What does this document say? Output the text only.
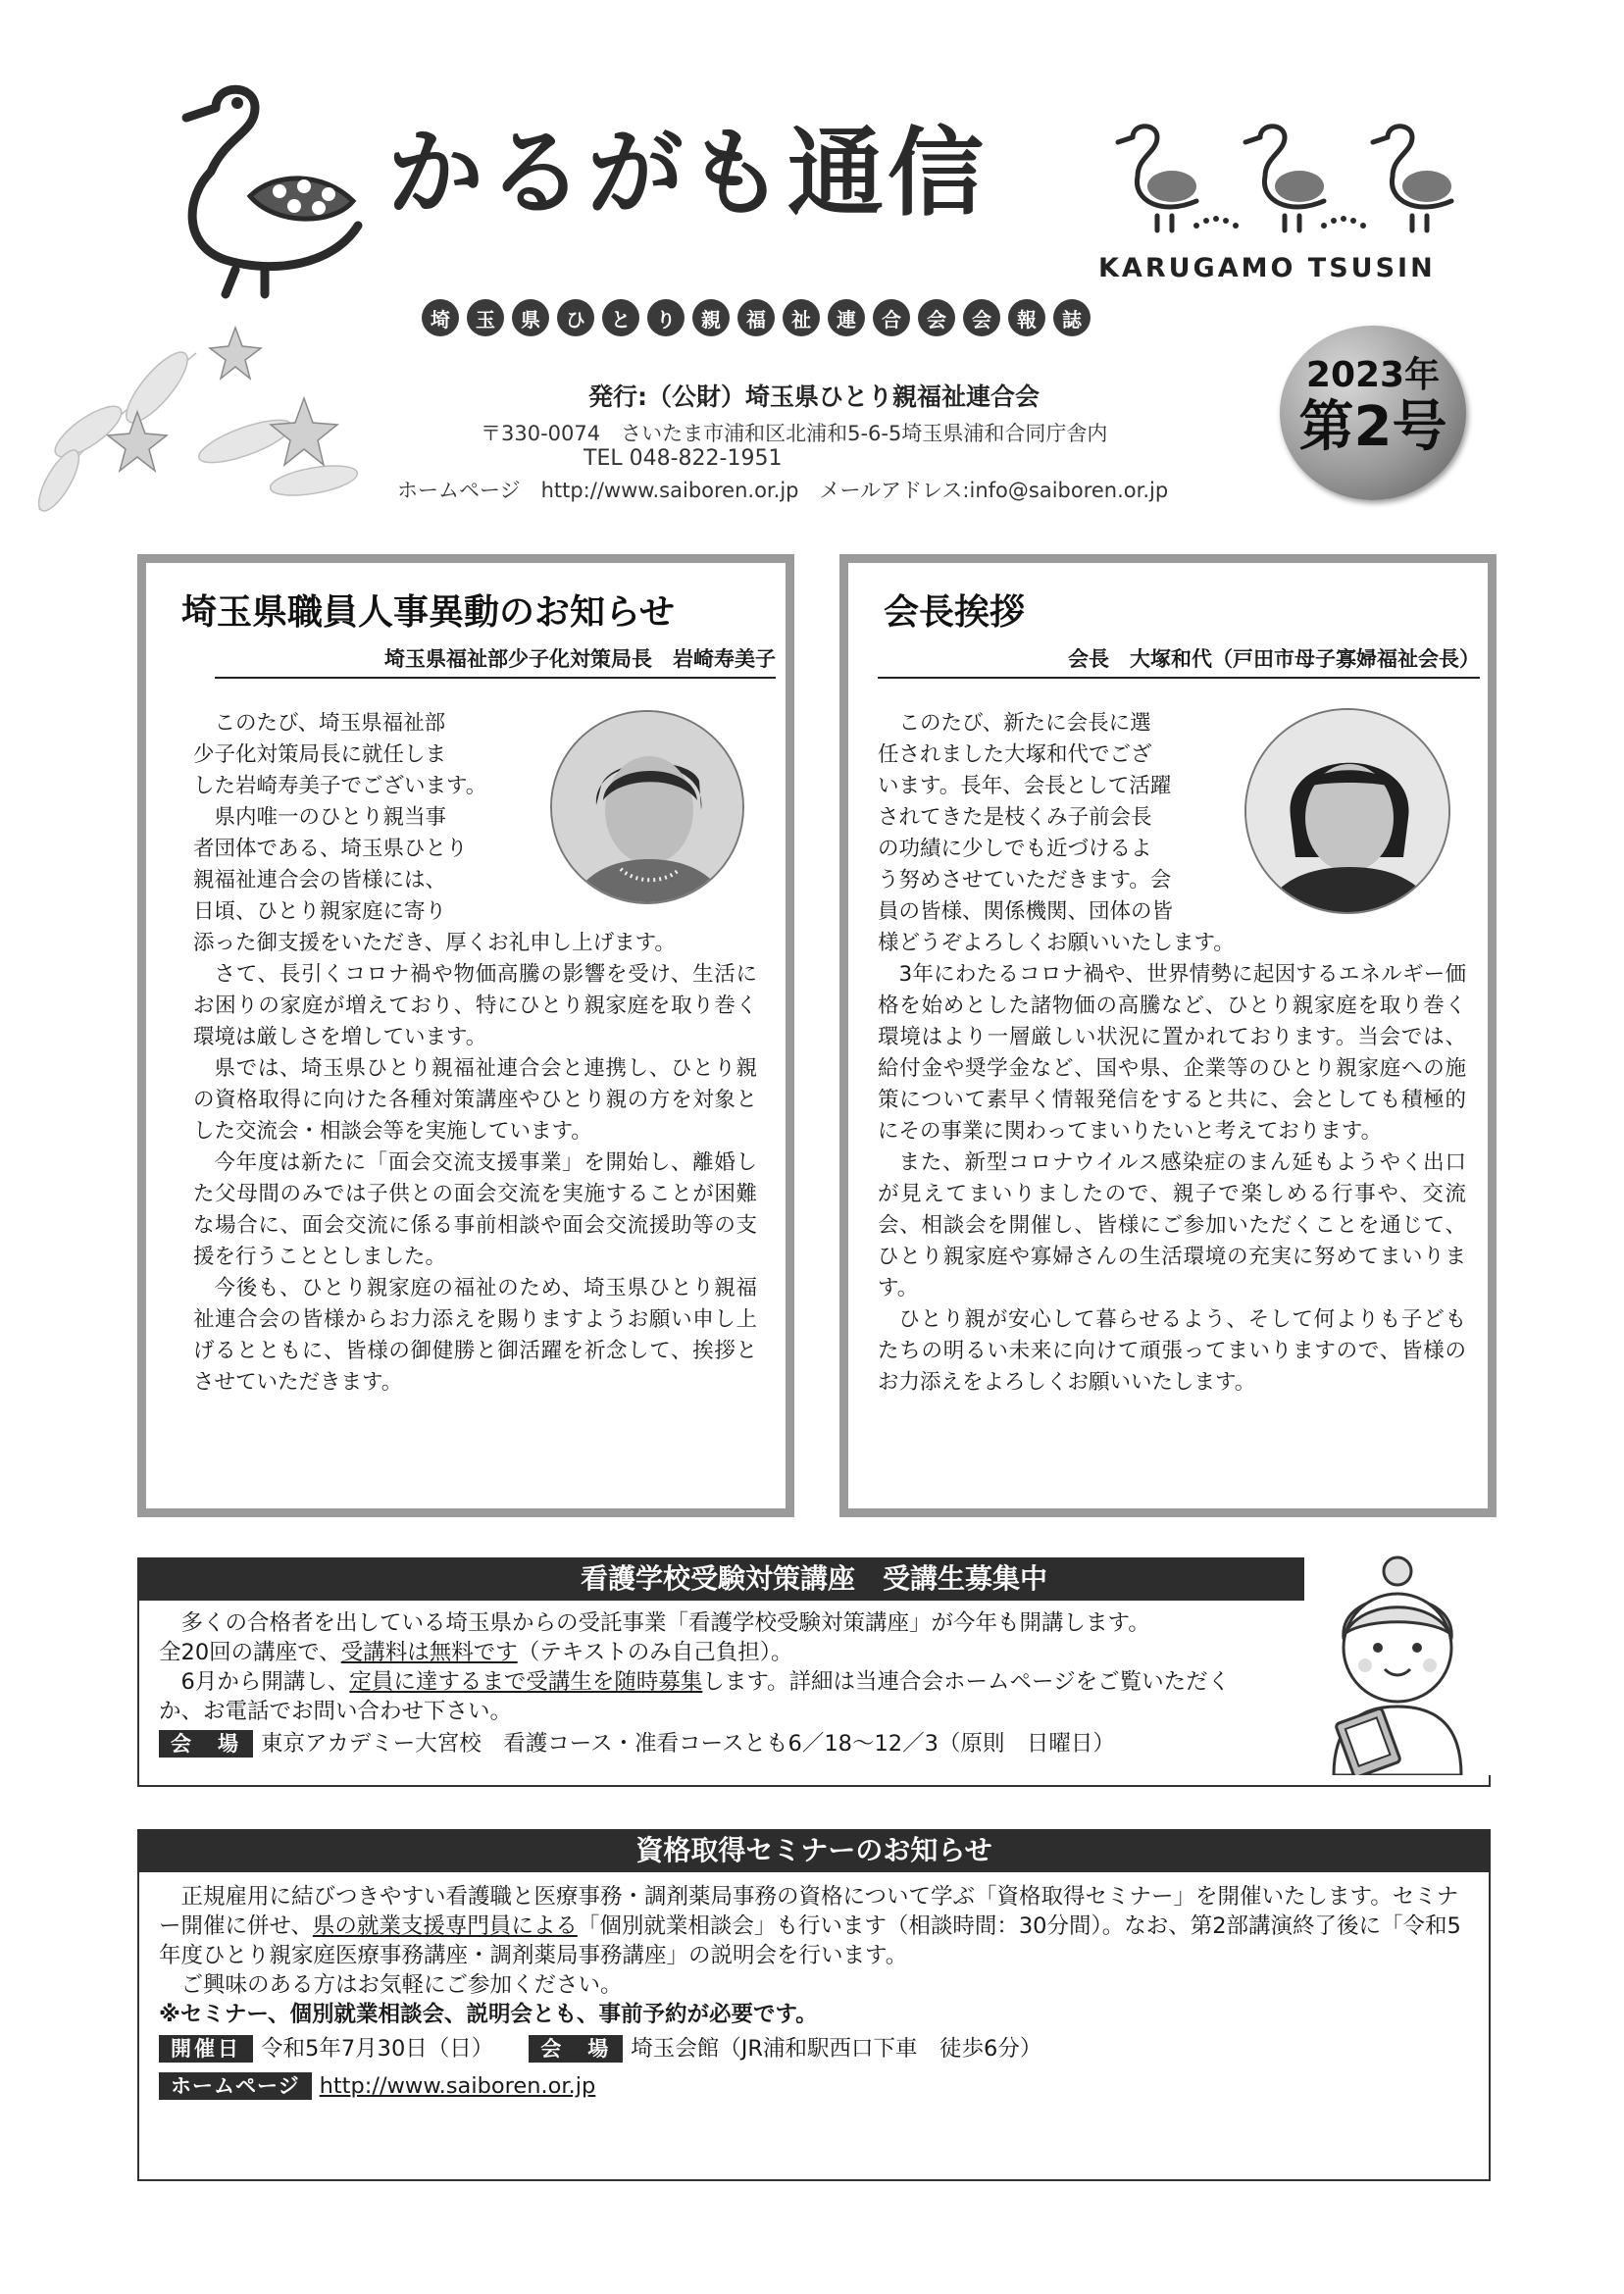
かるがも通信
KARUGAMO TSUSIN
埼	玉	県	ひ	と	り	親	福	祉	連	合	会	会	報	誌
2023年
第2号
発行:（公財）埼玉県ひとり親福祉連合会
〒330-0074　さいたま市浦和区北浦和5-6-5埼玉県浦和合同庁舎内
TEL 048-822-1951
ホームページ　http://www.saiboren.or.jp　メールアドレス:info@saiboren.or.jp
埼玉県職員人事異動のお知らせ
埼玉県福祉部少子化対策局長　岩崎寿美子
このたび、埼玉県福祉部
少子化対策局長に就任しま
した岩崎寿美子でございます。
県内唯一のひとり親当事
者団体である、埼玉県ひとり
親福祉連合会の皆様には、
日頃、ひとり親家庭に寄り

添った御支援をいただき、厚くお礼申し上げます。

さて、長引くコロナ禍や物価高騰の影響を受け、生活にお困りの家庭が増えており、特にひとり親家庭を取り巻く環境は厳しさを増しています。

県では、埼玉県ひとり親福祉連合会と連携し、ひとり親の資格取得に向けた各種対策講座やひとり親の方を対象とした交流会・相談会等を実施しています。

今年度は新たに「面会交流支援事業」を開始し、離婚した父母間のみでは子供との面会交流を実施することが困難な場合に、面会交流に係る事前相談や面会交流援助等の支援を行うこととしました。

今後も、ひとり親家庭の福祉のため、埼玉県ひとり親福祉連合会の皆様からお力添えを賜りますようお願い申し上げるとともに、皆様の御健勝と御活躍を祈念して、挨拶とさせていただきます。

会長挨拶
会長　大塚和代（戸田市母子寡婦福祉会長）
このたび、新たに会長に選
任されました大塚和代でござ
います。長年、会長として活躍
されてきた是枝くみ子前会長
の功績に少しでも近づけるよ
う努めさせていただきます。会
員の皆様、関係機関、団体の皆

様どうぞよろしくお願いいたします。

3年にわたるコロナ禍や、世界情勢に起因するエネルギー価格を始めとした諸物価の高騰など、ひとり親家庭を取り巻く環境はより一層厳しい状況に置かれております。当会では、給付金や奨学金など、国や県、企業等のひとり親家庭への施策について素早く情報発信をすると共に、会としても積極的にその事業に関わってまいりたいと考えております。

また、新型コロナウイルス感染症のまん延もようやく出口が見えてまいりましたので、親子で楽しめる行事や、交流会、相談会を開催し、皆様にご参加いただくことを通じて、ひとり親家庭や寡婦さんの生活環境の充実に努めてまいります。

ひとり親が安心して暮らせるよう、そして何よりも子どもたちの明るい未来に向けて頑張ってまいりますので、皆様のお力添えをよろしくお願いいたします。

看護学校受験対策講座　受講生募集中

多くの合格者を出している埼玉県からの受託事業「看護学校受験対策講座」が今年も開講します。

全20回の講座で、受講料は無料です（テキストのみ自己負担）。

6月から開講し、定員に達するまで受講生を随時募集します。詳細は当連合会ホームページをご覧いただくか、お電話でお問い合わせ下さい。

会　場 東京アカデミー大宮校　看護コース・准看コースとも6／18～12／3（原則　日曜日）
資格取得セミナーのお知らせ

正規雇用に結びつきやすい看護職と医療事務・調剤薬局事務の資格について学ぶ「資格取得セミナー」を開催いたします。セミナー開催に併せ、県の就業支援専門員による「個別就業相談会」も行います（相談時間：30分間）。なお、第2部講演終了後に「令和5年度ひとり親家庭医療事務講座・調剤薬局事務講座」の説明会を行います。

ご興味のある方はお気軽にご参加ください。

※セミナー、個別就業相談会、説明会とも、事前予約が必要です。
開催日 令和5年7月30日（日） 会　場 埼玉会館（JR浦和駅西口下車　徒歩6分）
ホームページ http://www.saiboren.or.jp
